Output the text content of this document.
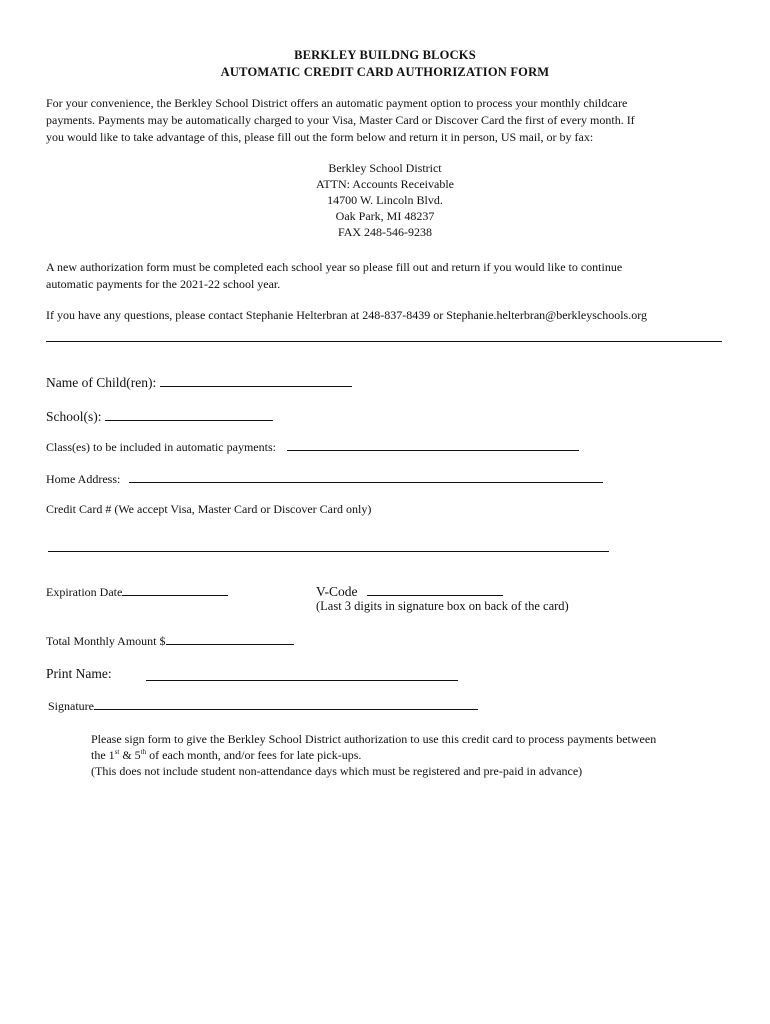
BERKLEY BUILDNG BLOCKS
AUTOMATIC CREDIT CARD AUTHORIZATION FORM
For your convenience, the Berkley School District offers an automatic payment option to process your monthly childcare
payments. Payments may be automatically charged to your Visa, Master Card or Discover Card the first of every month. If
you would like to take advantage of this, please fill out the form below and return it in person, US mail, or by fax:
Berkley School District
ATTN: Accounts Receivable
14700 W. Lincoln Blvd.
Oak Park, MI 48237
FAX 248-546-9238
A new authorization form must be completed each school year so please fill out and return if you would like to continue
automatic payments for the 2021-22 school year.
If you have any questions, please contact Stephanie Helterbran at 248-837-8439 or Stephanie.helterbran@berkleyschools.org
Name of Child(ren):
School(s):
Class(es) to be included in automatic payments:
Home Address:
Credit Card # (We accept Visa, Master Card or Discover Card only)
Expiration Date	V-Code
(Last 3 digits in signature box on back of the card)
Total Monthly Amount $
Print Name:
Signature
Please sign form to give the Berkley School District authorization to use this credit card to process payments between
the 1st & 5th of each month, and/or fees for late pick-ups.
(This does not include student non-attendance days which must be registered and pre-paid in advance)
